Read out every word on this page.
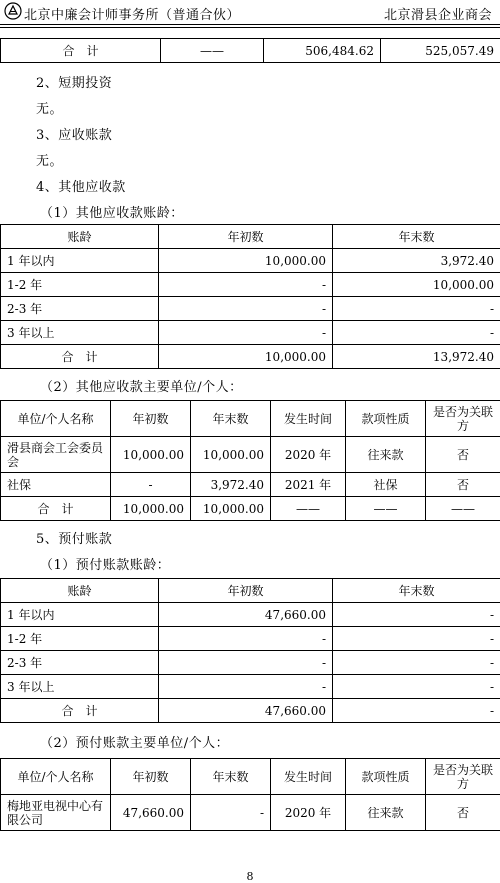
北京中廉会计师事务所（普通合伙）	北京滑县企业商会
合　计	——	506,484.62	525,057.49
2、短期投资
无。
3、应收账款
无。
4、其他应收款
（1）其他应收款账龄：
账龄	年初数	年末数
1 年以内	10,000.00	3,972.40
1-2 年	-	10,000.00
2-3 年	-	-
3 年以上	-	-
合　计	10,000.00	13,972.40
（2）其他应收款主要单位/个人：
单位/个人名称	年初数	年末数	发生时间	款项性质	是否为关联方
滑县商会工会委员会	10,000.00	10,000.00	2020 年	往来款	否
社保	-	3,972.40	2021 年	社保	否
合　计	10,000.00	10,000.00	——	——	——
5、预付账款
（1）预付账款账龄：
账龄	年初数	年末数
1 年以内	47,660.00	-
1-2 年	-	-
2-3 年	-	-
3 年以上	-	-
合　计	47,660.00	-
（2）预付账款主要单位/个人：
单位/个人名称	年初数	年末数	发生时间	款项性质	是否为关联方
梅地亚电视中心有限公司	47,660.00	-	2020 年	往来款	否
8
